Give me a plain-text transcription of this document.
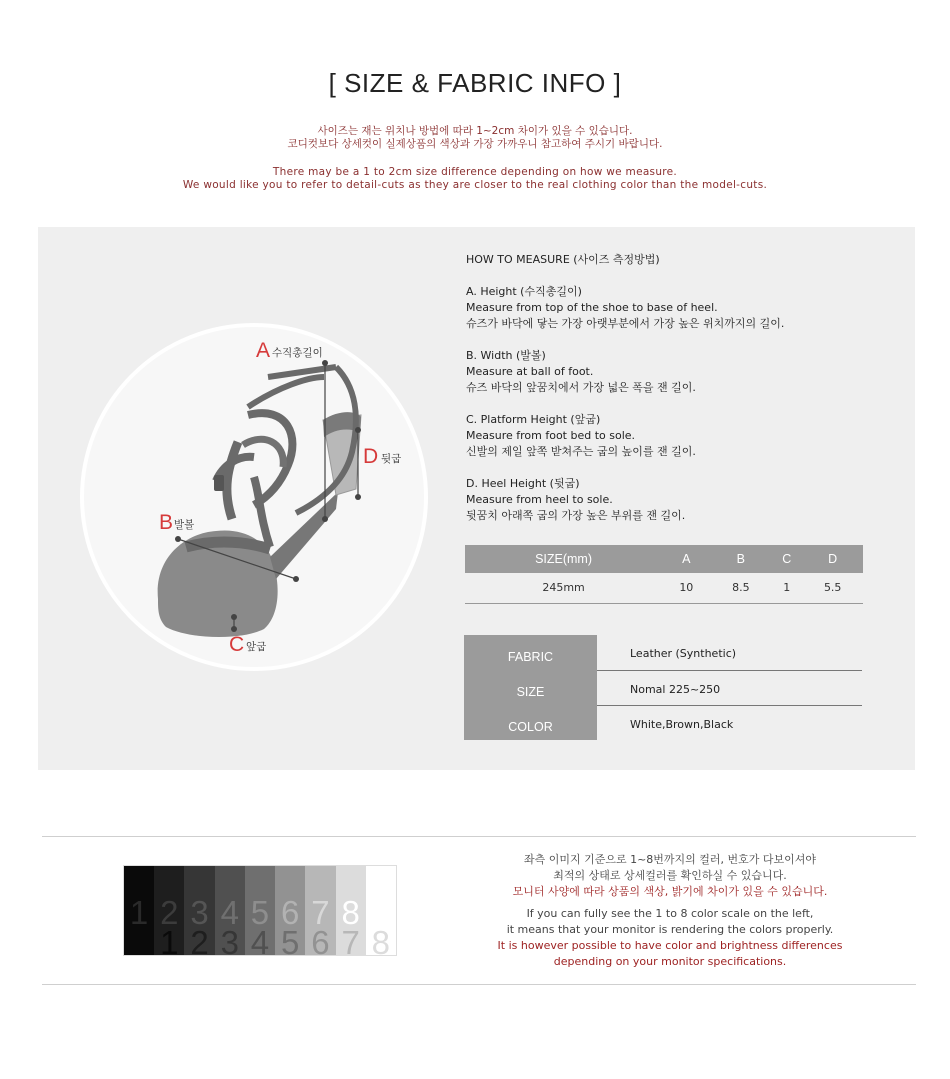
[ SIZE & FABRIC INFO ]
사이즈는 재는 위치나 방법에 따라 1~2cm 차이가 있을 수 있습니다.
코디컷보다 상세컷이 실제상품의 색상과 가장 가까우니 참고하여 주시기 바랍니다.
There may be a 1 to 2cm size difference depending on how we measure.
We would like you to refer to detail-cuts as they are closer to the real clothing color than the model-cuts.
A 수직총길이
D 뒷굽
B 발볼
C 앞굽
HOW TO MEASURE (사이즈 측정방법)
A. Height (수직총길이)
Measure from top of the shoe to base of heel.
슈즈가 바닥에 닿는 가장 아랫부분에서 가장 높은 위치까지의 길이.
B. Width (발볼)
Measure at ball of foot.
슈즈 바닥의 앞꿈치에서 가장 넓은 폭을 잰 길이.
C. Platform Height (앞굽)
Measure from foot bed to sole.
신발의 제일 앞쪽 받쳐주는 굽의 높이를 잰 길이.
D. Heel Height (뒷굽)
Measure from heel to sole.
뒷꿈치 아래쪽 굽의 가장 높은 부위를 잰 길이.
SIZE(mm)	A	B	C	D
245mm	10	8.5	1	5.5
FABRIC	Leather (Synthetic)
SIZE	Nomal 225~250
COLOR	White,Brown,Black
1 2
1
3
2
4
3
5
4
6
5
7
6
8
7 8
좌측 이미지 기준으로 1~8번까지의 컬러, 번호가 다보이셔야
최적의 상태로 상세컬러를 확인하실 수 있습니다.
모니터 사양에 따라 상품의 색상, 밝기에 차이가 있을 수 있습니다.
If you can fully see the 1 to 8 color scale on the left,
it means that your monitor is rendering the colors properly.
It is however possible to have color and brightness differences
depending on your monitor specifications.
